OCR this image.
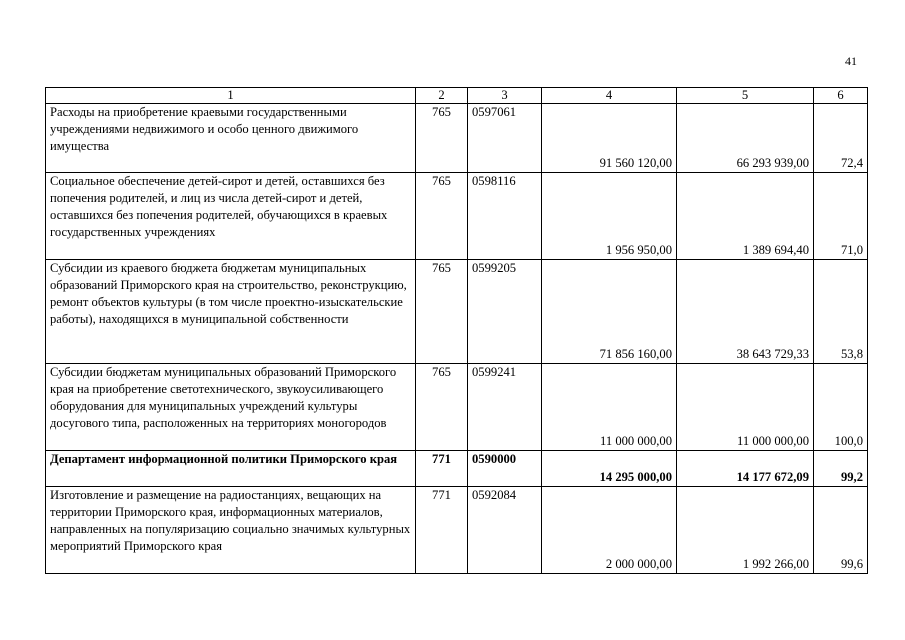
41
1	2	3	4	5	6
Расходы на приобретение краевыми государственными учреждениями недвижимого и особо ценного движимого имущества	765	0597061	91 560 120,00	66 293 939,00	72,4
Социальное обеспечение детей-сирот и детей, оставшихся без попечения родителей, и лиц из числа детей-сирот и детей, оставшихся без попечения родителей, обучающихся в краевых государственных учреждениях	765	0598116	1 956 950,00	1 389 694,40	71,0
Субсидии из краевого бюджета бюджетам муниципальных образований Приморского края на строительство, реконструкцию, ремонт объектов культуры (в том числе проектно-изыскательские работы), находящихся в муниципальной собственности	765	0599205	71 856 160,00	38 643 729,33	53,8
Субсидии бюджетам муниципальных образований Приморского края на приобретение светотехнического, звукоусиливающего оборудования для муниципальных учреждений культуры досугового типа, расположенных на территориях моногородов	765	0599241	11 000 000,00	11 000 000,00	100,0
Департамент информационной политики Приморского края	771	0590000	14 295 000,00	14 177 672,09	99,2
Изготовление и размещение на радиостанциях, вещающих на территории Приморского края, информационных материалов, направленных на популяризацию социально значимых культурных мероприятий Приморского края	771	0592084	2 000 000,00	1 992 266,00	99,6
